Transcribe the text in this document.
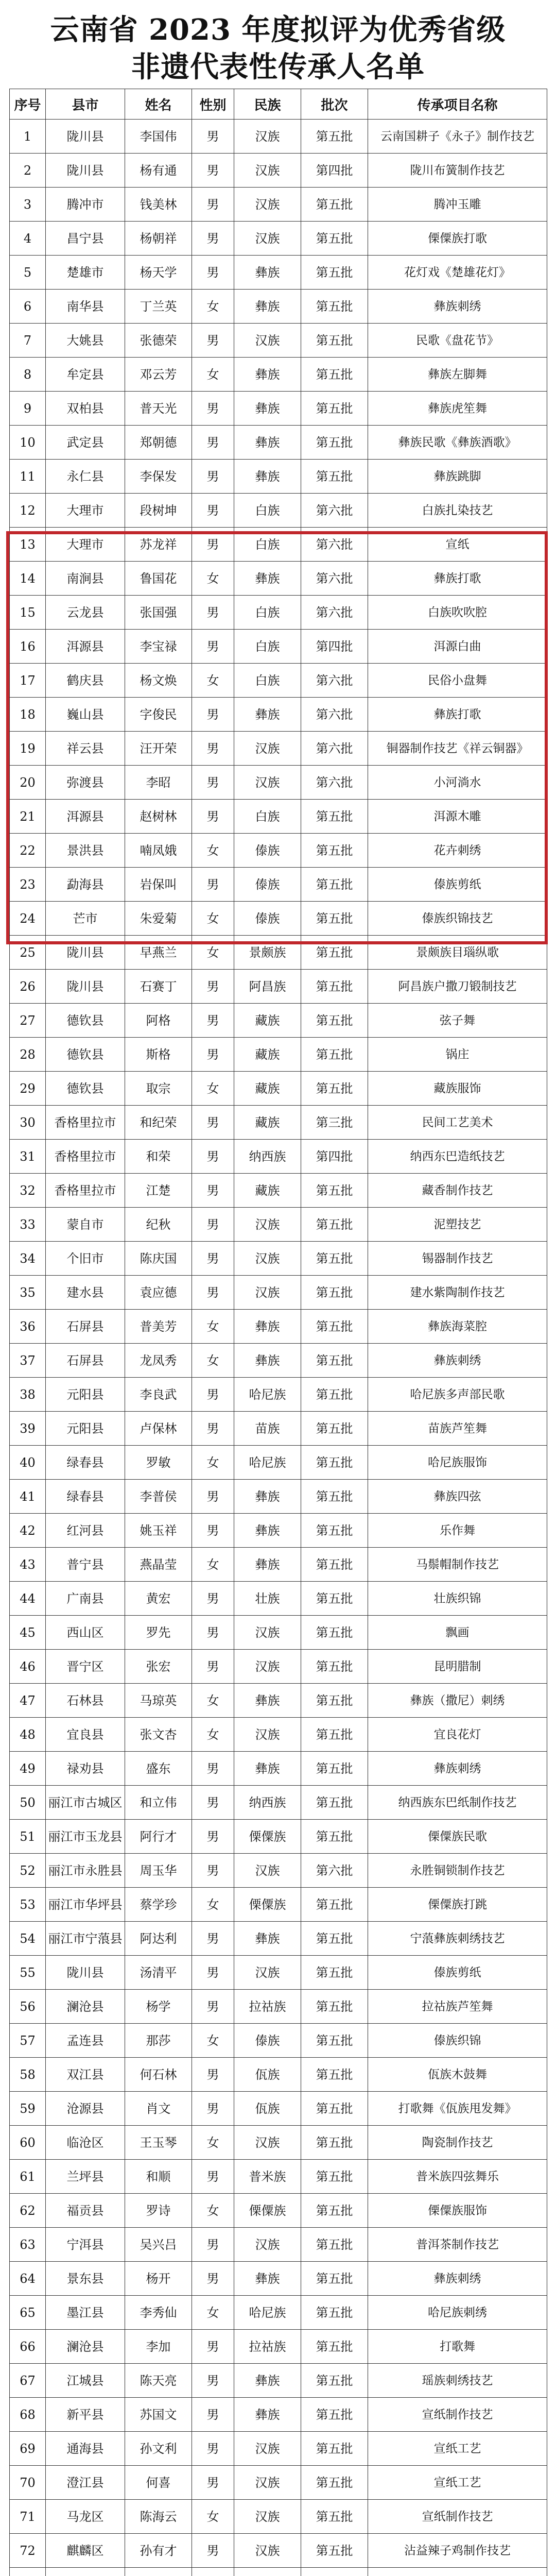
云南省 2023 年度拟评为优秀省级
非遗代表性传承人名单
序号	县市	姓名	性别	民族	批次	传承项目名称
1	陇川县	李国伟	男	汉族	第五批	云南国耕子《永子》制作技艺
2	陇川县	杨有通	男	汉族	第四批	陇川布簧制作技艺
3	腾冲市	钱美林	男	汉族	第五批	腾冲玉雕
4	昌宁县	杨朝祥	男	汉族	第五批	傈僳族打歌
5	楚雄市	杨天学	男	彝族	第五批	花灯戏《楚雄花灯》
6	南华县	丁兰英	女	彝族	第五批	彝族刺绣
7	大姚县	张德荣	男	汉族	第五批	民歌《盘花节》
8	牟定县	邓云芳	女	彝族	第五批	彝族左脚舞
9	双柏县	普天光	男	彝族	第五批	彝族虎笙舞
10	武定县	郑朝德	男	彝族	第五批	彝族民歌《彝族酒歌》
11	永仁县	李保发	男	彝族	第五批	彝族跳脚
12	大理市	段树坤	男	白族	第六批	白族扎染技艺
13	大理市	苏龙祥	男	白族	第六批	宣纸
14	南涧县	鲁国花	女	彝族	第六批	彝族打歌
15	云龙县	张国强	男	白族	第六批	白族吹吹腔
16	洱源县	李宝禄	男	白族	第四批	洱源白曲
17	鹤庆县	杨文焕	女	白族	第六批	民俗小盘舞
18	巍山县	字俊民	男	彝族	第六批	彝族打歌
19	祥云县	汪开荣	男	汉族	第六批	铜器制作技艺《祥云铜器》
20	弥渡县	李昭	男	汉族	第六批	小河淌水
21	洱源县	赵树林	男	白族	第五批	洱源木雕
22	景洪县	喃凤娥	女	傣族	第五批	花卉刺绣
23	勐海县	岩保叫	男	傣族	第五批	傣族剪纸
24	芒市	朱爱菊	女	傣族	第五批	傣族织锦技艺
25	陇川县	早燕兰	女	景颇族	第五批	景颇族目瑙纵歌
26	陇川县	石赛丁	男	阿昌族	第五批	阿昌族户撒刀锻制技艺
27	德钦县	阿格	男	藏族	第五批	弦子舞
28	德钦县	斯格	男	藏族	第五批	锅庄
29	德钦县	取宗	女	藏族	第五批	藏族服饰
30	香格里拉市	和纪荣	男	藏族	第三批	民间工艺美术
31	香格里拉市	和荣	男	纳西族	第四批	纳西东巴造纸技艺
32	香格里拉市	江楚	男	藏族	第五批	藏香制作技艺
33	蒙自市	纪秋	男	汉族	第五批	泥塑技艺
34	个旧市	陈庆国	男	汉族	第五批	锡器制作技艺
35	建水县	袁应德	男	汉族	第五批	建水紫陶制作技艺
36	石屏县	普美芳	女	彝族	第五批	彝族海菜腔
37	石屏县	龙凤秀	女	彝族	第五批	彝族刺绣
38	元阳县	李良武	男	哈尼族	第五批	哈尼族多声部民歌
39	元阳县	卢保林	男	苗族	第五批	苗族芦笙舞
40	绿春县	罗敏	女	哈尼族	第五批	哈尼族服饰
41	绿春县	李普侯	男	彝族	第五批	彝族四弦
42	红河县	姚玉祥	男	彝族	第五批	乐作舞
43	普宁县	燕晶莹	女	彝族	第五批	马鬃帽制作技艺
44	广南县	黄宏	男	壮族	第五批	壮族织锦
45	西山区	罗先	男	汉族	第五批	飘画
46	晋宁区	张宏	男	汉族	第五批	昆明腊制
47	石林县	马琼英	女	彝族	第五批	彝族（撒尼）刺绣
48	宜良县	张文杏	女	汉族	第五批	宜良花灯
49	禄劝县	盛东	男	彝族	第五批	彝族刺绣
50	丽江市古城区	和立伟	男	纳西族	第五批	纳西族东巴纸制作技艺
51	丽江市玉龙县	阿行才	男	傈僳族	第五批	傈僳族民歌
52	丽江市永胜县	周玉华	男	汉族	第六批	永胜铜锁制作技艺
53	丽江市华坪县	蔡学珍	女	傈僳族	第五批	傈僳族打跳
54	丽江市宁蒗县	阿达利	男	彝族	第五批	宁蒗彝族刺绣技艺
55	陇川县	汤清平	男	汉族	第五批	傣族剪纸
56	澜沧县	杨学	男	拉祜族	第五批	拉祜族芦笙舞
57	孟连县	那莎	女	傣族	第五批	傣族织锦
58	双江县	何石林	男	佤族	第五批	佤族木鼓舞
59	沧源县	肖文	男	佤族	第五批	打歌舞《佤族甩发舞》
60	临沧区	王玉琴	女	汉族	第五批	陶瓷制作技艺
61	兰坪县	和顺	男	普米族	第五批	普米族四弦舞乐
62	福贡县	罗诗	女	傈僳族	第五批	傈僳族服饰
63	宁洱县	吴兴吕	男	汉族	第五批	普洱茶制作技艺
64	景东县	杨开	男	彝族	第五批	彝族刺绣
65	墨江县	李秀仙	女	哈尼族	第五批	哈尼族刺绣
66	澜沧县	李加	男	拉祜族	第五批	打歌舞
67	江城县	陈天亮	男	彝族	第五批	瑶族刺绣技艺
68	新平县	苏国文	男	彝族	第五批	宣纸制作技艺
69	通海县	孙文利	男	汉族	第五批	宣纸工艺
70	澄江县	何喜	男	汉族	第五批	宣纸工艺
71	马龙区	陈海云	女	汉族	第五批	宣纸制作技艺
72	麒麟区	孙有才	男	汉族	第五批	沾益辣子鸡制作技艺
